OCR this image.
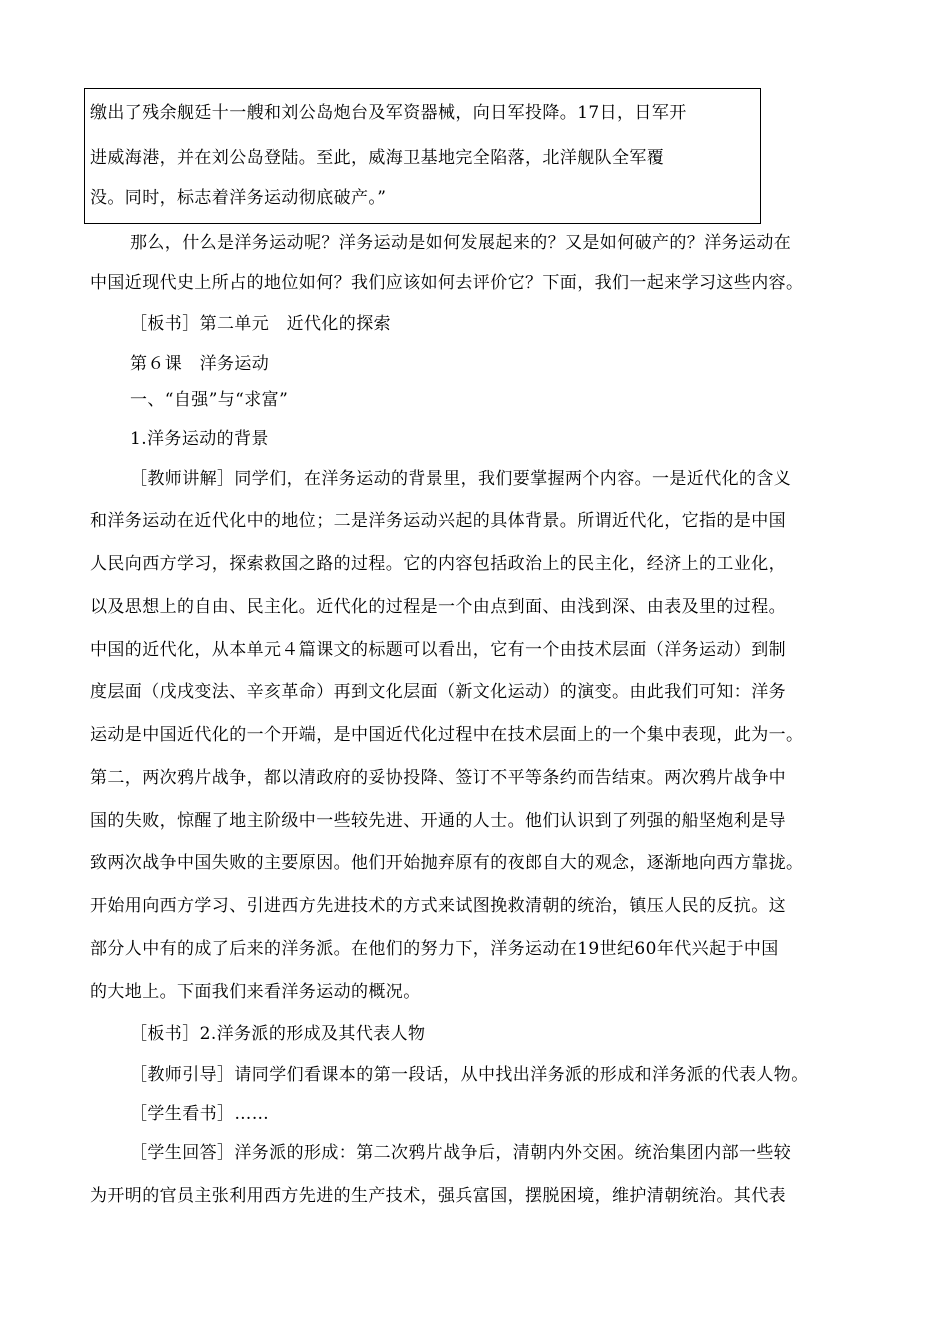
缴出了残余舰廷十一艘和刘公岛炮台及军资器械，向日军投降。17日，日军开
进威海港，并在刘公岛登陆。至此，威海卫基地完全陷落，北洋舰队全军覆
没。同时，标志着洋务运动彻底破产。”
那么，什么是洋务运动呢？洋务运动是如何发展起来的？又是如何破产的？洋务运动在
中国近现代史上所占的地位如何？我们应该如何去评价它？下面，我们一起来学习这些内容。
［板书］第二单元　近代化的探索
第６课　洋务运动
一、“自强”与“求富”
1.洋务运动的背景
［教师讲解］同学们，在洋务运动的背景里，我们要掌握两个内容。一是近代化的含义
和洋务运动在近代化中的地位；二是洋务运动兴起的具体背景。所谓近代化，它指的是中国
人民向西方学习，探索救国之路的过程。它的内容包括政治上的民主化，经济上的工业化，
以及思想上的自由、民主化。近代化的过程是一个由点到面、由浅到深、由表及里的过程。
中国的近代化，从本单元４篇课文的标题可以看出，它有一个由技术层面（洋务运动）到制
度层面（戊戌变法、辛亥革命）再到文化层面（新文化运动）的演变。由此我们可知：洋务
运动是中国近代化的一个开端，是中国近代化过程中在技术层面上的一个集中表现，此为一。
第二，两次鸦片战争，都以清政府的妥协投降、签订不平等条约而告结束。两次鸦片战争中
国的失败，惊醒了地主阶级中一些较先进、开通的人士。他们认识到了列强的船坚炮利是导
致两次战争中国失败的主要原因。他们开始抛弃原有的夜郎自大的观念，逐渐地向西方靠拢。
开始用向西方学习、引进西方先进技术的方式来试图挽救清朝的统治，镇压人民的反抗。这
部分人中有的成了后来的洋务派。在他们的努力下，洋务运动在19世纪60年代兴起于中国
的大地上。下面我们来看洋务运动的概况。
［板书］2.洋务派的形成及其代表人物
［教师引导］请同学们看课本的第一段话，从中找出洋务派的形成和洋务派的代表人物。
［学生看书］……
［学生回答］洋务派的形成：第二次鸦片战争后，清朝内外交困。统治集团内部一些较
为开明的官员主张利用西方先进的生产技术，强兵富国，摆脱困境，维护清朝统治。其代表
